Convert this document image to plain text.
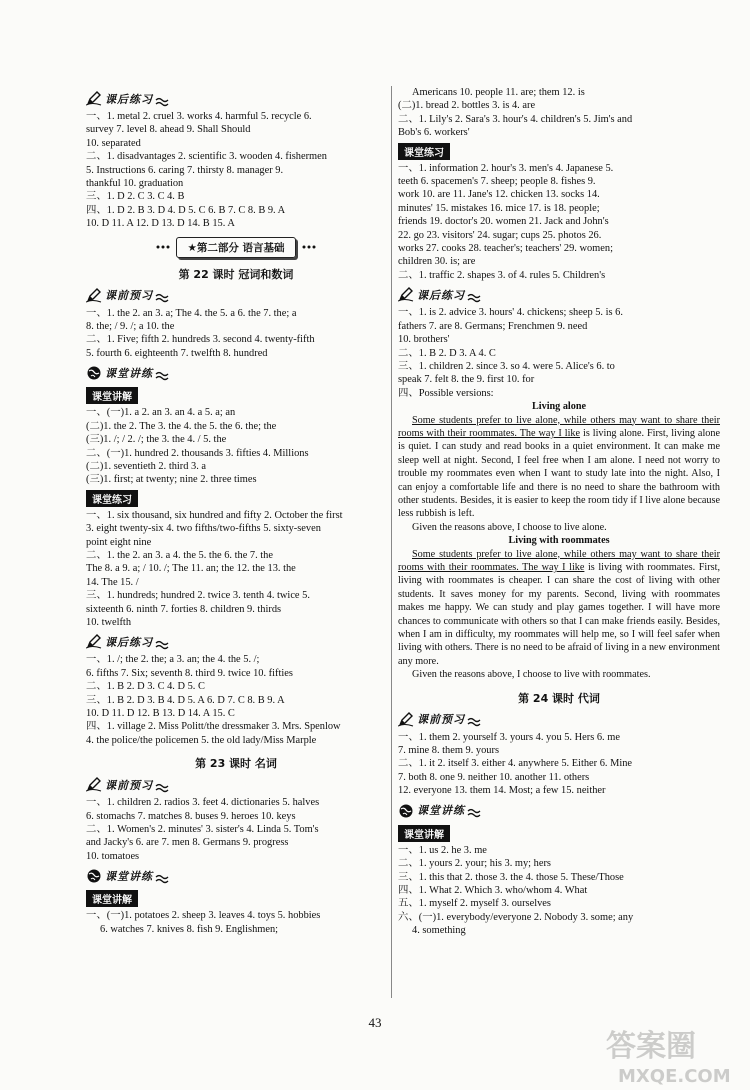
课后练习
一、1. metal 2. cruel 3. works 4. harmful 5. recycle 6.
survey 7. level 8. ahead 9. Shall Should
10. separated
二、1. disadvantages 2. scientific 3. wooden 4. fishermen
5. Instructions 6. caring 7. thirsty 8. manager 9.
thankful 10. graduation
三、1. D 2. C 3. C 4. B
四、1. D 2. B 3. D 4. D 5. C 6. B 7. C 8. B 9. A
10. D 11. A 12. D 13. D 14. B 15. A
★第二部分 语言基础
第 22 课时 冠词和数词
课前预习
一、1. the 2. an 3. a; The 4. the 5. a 6. the 7. the; a
8. the; / 9. /; a 10. the
二、1. Five; fifth 2. hundreds 3. second 4. twenty-fifth
5. fourth 6. eighteenth 7. twelfth 8. hundred
课堂讲练
课堂讲解
一、(一)1. a 2. an 3. an 4. a 5. a; an
(二)1. the 2. The 3. the 4. the 5. the 6. the; the
(三)1. /; / 2. /; the 3. the 4. / 5. the
二、(一)1. hundred 2. thousands 3. fifties 4. Millions
(二)1. seventieth 2. third 3. a
(三)1. first; at twenty; nine 2. three times
课堂练习
一、1. six thousand, six hundred and fifty 2. October the first
3. eight twenty-six 4. two fifths/two-fifths 5. sixty-seven
point eight nine
二、1. the 2. an 3. a 4. the 5. the 6. the 7. the
The 8. a 9. a; / 10. /; The 11. an; the 12. the 13. the
14. The 15. /
三、1. hundreds; hundred 2. twice 3. tenth 4. twice 5.
sixteenth 6. ninth 7. forties 8. children 9. thirds
10. twelfth
课后练习
一、1. /; the 2. the; a 3. an; the 4. the 5. /;
6. fifths 7. Six; seventh 8. third 9. twice 10. fifties
二、1. B 2. D 3. C 4. D 5. C
三、1. B 2. D 3. B 4. D 5. A 6. D 7. C 8. B 9. A
10. D 11. D 12. B 13. D 14. A 15. C
四、1. village 2. Miss Politt/the dressmaker 3. Mrs. Spenlow
4. the police/the policemen 5. the old lady/Miss Marple
第 23 课时 名词
课前预习
一、1. children 2. radios 3. feet 4. dictionaries 5. halves
6. stomachs 7. matches 8. buses 9. heroes 10. keys
二、1. Women's 2. minutes' 3. sister's 4. Linda 5. Tom's
and Jacky's 6. are 7. men 8. Germans 9. progress
10. tomatoes
课堂讲练
课堂讲解
一、(一)1. potatoes 2. sheep 3. leaves 4. toys 5. hobbies
6. watches 7. knives 8. fish 9. Englishmen;
Americans 10. people 11. are; them 12. is
(二)1. bread 2. bottles 3. is 4. are
二、1. Lily's 2. Sara's 3. hour's 4. children's 5. Jim's and
Bob's 6. workers'
课堂练习
一、1. information 2. hour's 3. men's 4. Japanese 5.
teeth 6. spacemen's 7. sheep; people 8. fishes 9.
work 10. are 11. Jane's 12. chicken 13. socks 14.
minutes' 15. mistakes 16. mice 17. is 18. people;
friends 19. doctor's 20. women 21. Jack and John's
22. go 23. visitors' 24. sugar; cups 25. photos 26.
works 27. cooks 28. teacher's; teachers' 29. women;
children 30. is; are
二、1. traffic 2. shapes 3. of 4. rules 5. Children's
课后练习
一、1. is 2. advice 3. hours' 4. chickens; sheep 5. is 6.
fathers 7. are 8. Germans; Frenchmen 9. need
10. brothers'
二、1. B 2. D 3. A 4. C
三、1. children 2. since 3. so 4. were 5. Alice's 6. to
speak 7. felt 8. the 9. first 10. for
四、Possible versions:
Living alone
Some students prefer to live alone, while others may want to share their rooms with their roommates. The way I like is living alone. First, living alone is quiet. I can study and read books in a quiet environment. It can make me sleep well at night. Second, I feel free when I am alone. I need not worry to trouble my roommates even when I want to study late into the night. Also, I can enjoy a comfortable life and there is no need to share the bathroom with other students. Besides, it is easier to keep the room tidy if I live alone because less rubbish is left.
Given the reasons above, I choose to live alone.
Living with roommates
Some students prefer to live alone, while others may want to share their rooms with their roommates. The way I like is living with roommates. First, living with roommates is cheaper. I can share the cost of living with other students. It saves money for my parents. Second, living with roommates makes me happy. We can study and play games together. I will have more chances to communicate with others so that I can make friends easily. Besides, when I am in difficulty, my roommates will help me, so I will feel safer when living with others. There is no need to be afraid of living in a new environment any more.
Given the reasons above, I choose to live with roommates.
第 24 课时 代词
课前预习
一、1. them 2. yourself 3. yours 4. you 5. Hers 6. me
7. mine 8. them 9. yours
二、1. it 2. itself 3. either 4. anywhere 5. Either 6. Mine
7. both 8. one 9. neither 10. another 11. others
12. everyone 13. them 14. Most; a few 15. neither
课堂讲练
课堂讲解
一、1. us 2. he 3. me
二、1. yours 2. your; his 3. my; hers
三、1. this that 2. those 3. the 4. those 5. These/Those
四、1. What 2. Which 3. who/whom 4. What
五、1. myself 2. myself 3. ourselves
六、(一)1. everybody/everyone 2. Nobody 3. some; any
4. something
43
答案圈
MXQE.COM
